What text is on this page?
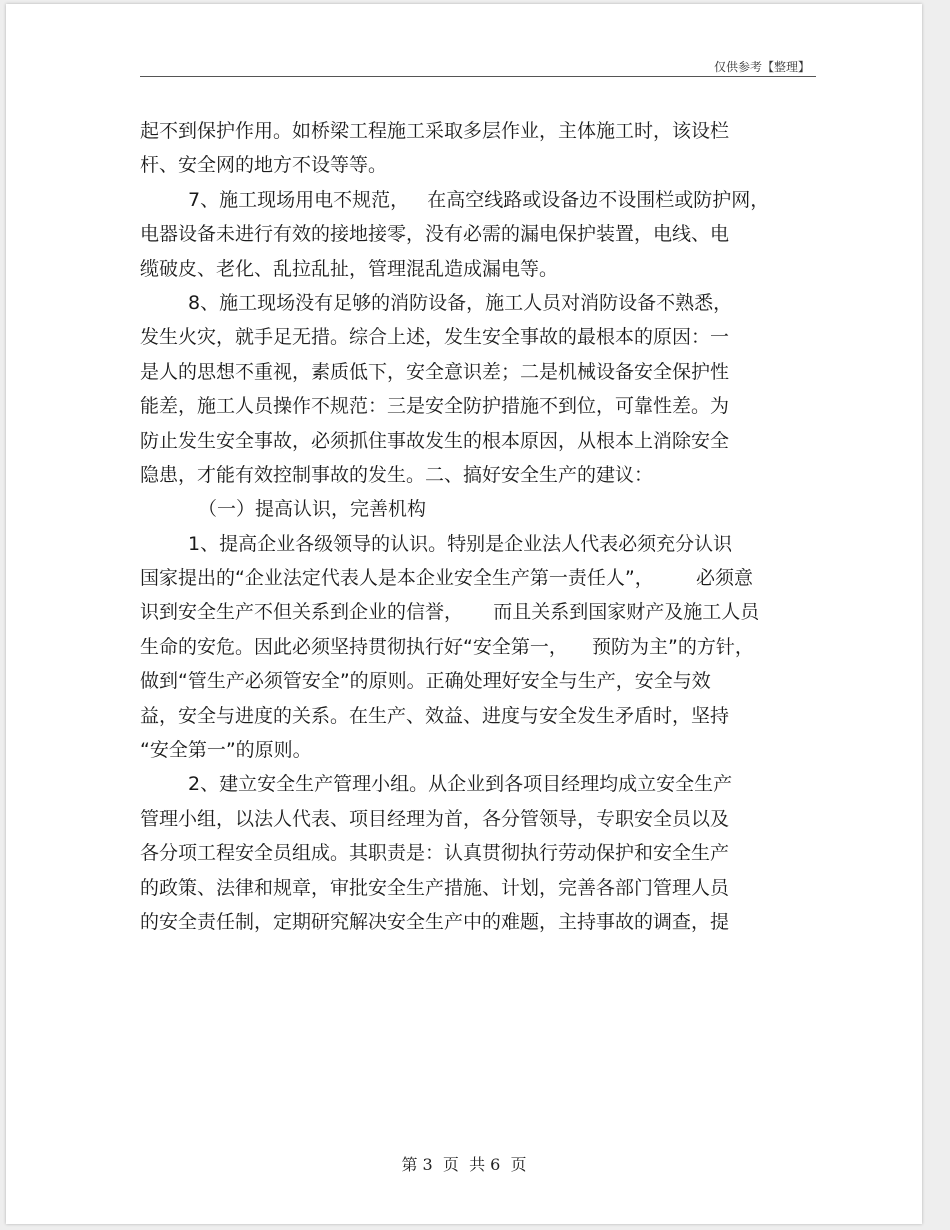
仅供参考【整理】
起不到保护作用。如桥梁工程施工采取多层作业，主体施工时，该设栏
杆、安全网的地方不设等等。
7、施工现场用电不规范，   在高空线路或设备边不设围栏或防护网，
电器设备未进行有效的接地接零，没有必需的漏电保护装置，电线、电
缆破皮、老化、乱拉乱扯，管理混乱造成漏电等。
8、施工现场没有足够的消防设备，施工人员对消防设备不熟悉，
发生火灾，就手足无措。综合上述，发生安全事故的最根本的原因：一
是人的思想不重视，素质低下，安全意识差；二是机械设备安全保护性
能差，施工人员操作不规范：三是安全防护措施不到位，可靠性差。为
防止发生安全事故，必须抓住事故发生的根本原因，从根本上消除安全
隐患，才能有效控制事故的发生。二、搞好安全生产的建议：
（一）提高认识，完善机构
1、提高企业各级领导的认识。特别是企业法人代表必须充分认识
国家提出的“企业法定代表人是本企业安全生产第一责任人”，       必须意
识到安全生产不但关系到企业的信誉，     而且关系到国家财产及施工人员
生命的安危。因此必须坚持贯彻执行好“安全第一，    预防为主”的方针，
做到“管生产必须管安全”的原则。正确处理好安全与生产，安全与效
益，安全与进度的关系。在生产、效益、进度与安全发生矛盾时，坚持
“安全第一”的原则。
2、建立安全生产管理小组。从企业到各项目经理均成立安全生产
管理小组，以法人代表、项目经理为首，各分管领导，专职安全员以及
各分项工程安全员组成。其职责是：认真贯彻执行劳动保护和安全生产
的政策、法律和规章，审批安全生产措施、计划，完善各部门管理人员
的安全责任制，定期研究解决安全生产中的难题，主持事故的调查，提
第 3  页  共 6  页
